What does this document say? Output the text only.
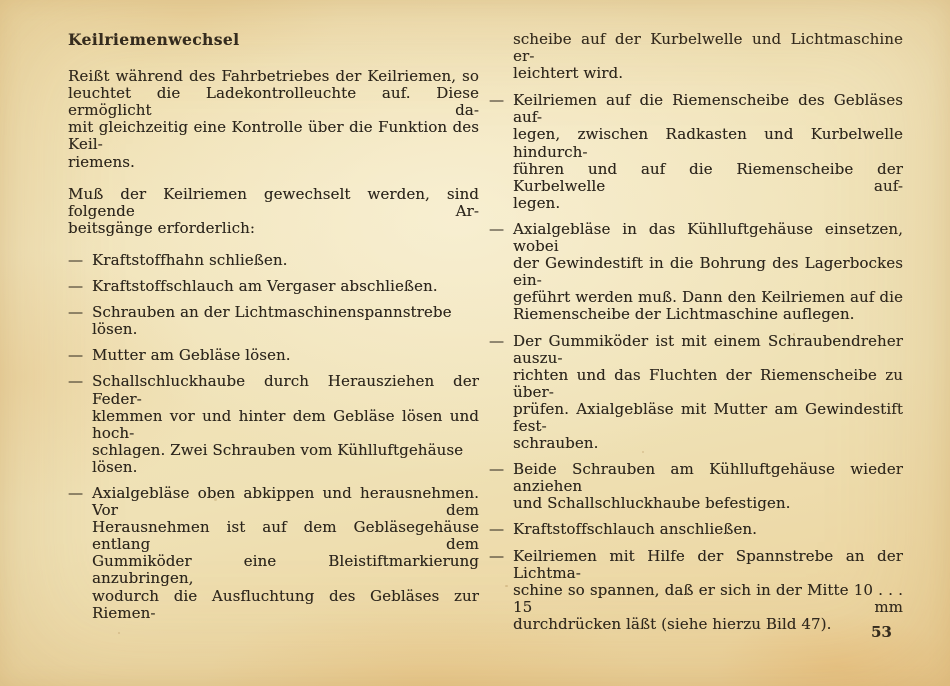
Keilriemenwechsel
Reißt während des Fahrbetriebes der Keilriemen, so
leuchtet die Ladekontrolleuchte auf. Diese ermöglicht da-
mit gleichzeitig eine Kontrolle über die Funktion des Keil-
riemens.
Muß der Keilriemen gewechselt werden, sind folgende Ar-
beitsgänge erforderlich:
— Kraftstoffhahn schließen.
— Kraftstoffschlauch am Vergaser abschließen.
— Schrauben an der Lichtmaschinenspannstrebe lösen.
— Mutter am Gebläse lösen.
— Schallschluckhaube durch Herausziehen der Feder-
klemmen vor und hinter dem Gebläse lösen und hoch-
schlagen. Zwei Schrauben vom Kühlluftgehäuse lösen.
— Axialgebläse oben abkippen und herausnehmen. Vor dem
Herausnehmen ist auf dem Gebläsegehäuse entlang dem
Gummiköder eine Bleistiftmarkierung anzubringen,
wodurch die Ausfluchtung des Gebläses zur Riemen-
scheibe auf der Kurbelwelle und Lichtmaschine er-
leichtert wird.
— Keilriemen auf die Riemenscheibe des Gebläses auf-
legen, zwischen Radkasten und Kurbelwelle hindurch-
führen und auf die Riemenscheibe der Kurbelwelle auf-
legen.
— Axialgebläse in das Kühlluftgehäuse einsetzen, wobei
der Gewindestift in die Bohrung des Lagerbockes ein-
geführt werden muß. Dann den Keilriemen auf die
Riemenscheibe der Lichtmaschine auflegen.
— Der Gummiköder ist mit einem Schraubendreher auszu-
richten und das Fluchten der Riemenscheibe zu über-
prüfen. Axialgebläse mit Mutter am Gewindestift fest-
schrauben.
— Beide Schrauben am Kühlluftgehäuse wieder anziehen
und Schallschluckhaube befestigen.
— Kraftstoffschlauch anschließen.
— Keilriemen mit Hilfe der Spannstrebe an der Lichtma-
schine so spannen, daß er sich in der Mitte 10 . . . 15 mm
durchdrücken läßt (siehe hierzu Bild 47).	53
